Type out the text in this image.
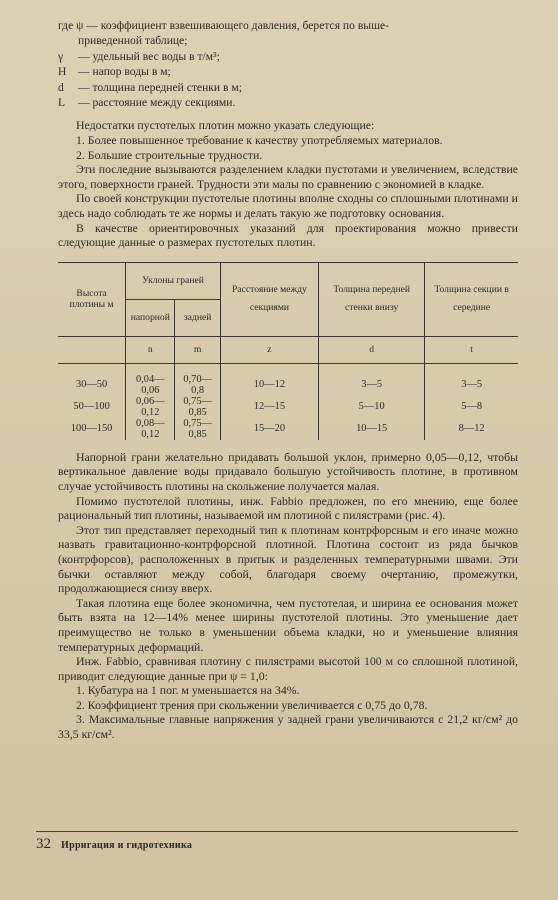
где ψ — коэффициент взвешивающего давления, берется по выше-
приведенной таблице;
γ	— удельный вес воды в т/м³;
H	— напор воды в м;
d	— толщина передней стенки в м;
L	— расстояние между секциями.

Недостатки пустотелых плотин можно указать следующие:

1. Более повышенное требование к качеству употребляемых материалов.

2. Большие строительные трудности.

Эти последние вызываются разделением кладки пустотами и увеличением, вследствие этого, поверхности граней. Трудности эти малы по сравнению с экономией в кладке.

По своей конструкции пустотелые плотины вполне сходны со сплошными плотинами и здесь надо соблюдать те же нормы и делать такую же подготовку основания.

В качестве ориентировочных указаний для проектирования можно привести следующие данные о размерах пустотелых плотин.

Высота плотины м	Уклоны граней		Расстояние между секциями	Толщина передней стенки внизу	Толщина секции в середине
	напорной	задней			
	n	m	z	d	t
30—50	0,04—0,06	0,70—0,8	10—12	3—5	3—5
50—100	0,06—0,12	0,75—0,85	12—15	5—10	5—8
100—150	0,08—0,12	0,75—0,85	15—20	10—15	8—12

Напорной грани желательно придавать большой уклон, примерно 0,05—0,12, чтобы вертикальное давление воды придавало большую устойчивость плотине, в противном случае устойчивость плотины на скольжение получается малая.

Помимо пустотелой плотины, инж. Fabbio предложен, по его мнению, еще более рациональный тип плотины, называемой им плотиной с пилястрами (рис. 4).

Этот тип представляет переходный тип к плотинам контрфорсным и его иначе можно назвать гравитационно-контрфорсной плотиной. Плотина состоит из ряда бычков (контрфорсов), расположенных в притык и разделенных температурными швами. Эти бычки оставляют между собой, благодаря своему очертанию, промежутки, продолжающиеся снизу вверх.

Такая плотина еще более экономична, чем пустотелая, и ширина ее основания может быть взята на 12—14% менее ширины пустотелой плотины. Это уменьшение дает преимущество не только в уменьшении объема кладки, но и уменьшение влияния температурных деформаций.

Инж. Fabbio, сравнивая плотину с пилястрами высотой 100 м со сплошной плотиной, приводит следующие данные при ψ = 1,0:

1. Кубатура на 1 пог. м уменьшается на 34%.

2. Коэффициент трения при скольжении увеличивается с 0,75 до 0,78.

3. Максимальные главные напряжения у задней грани увеличиваются с 21,2 кг/см² до 33,5 кг/см².

32 Ирригация и гидротехника
